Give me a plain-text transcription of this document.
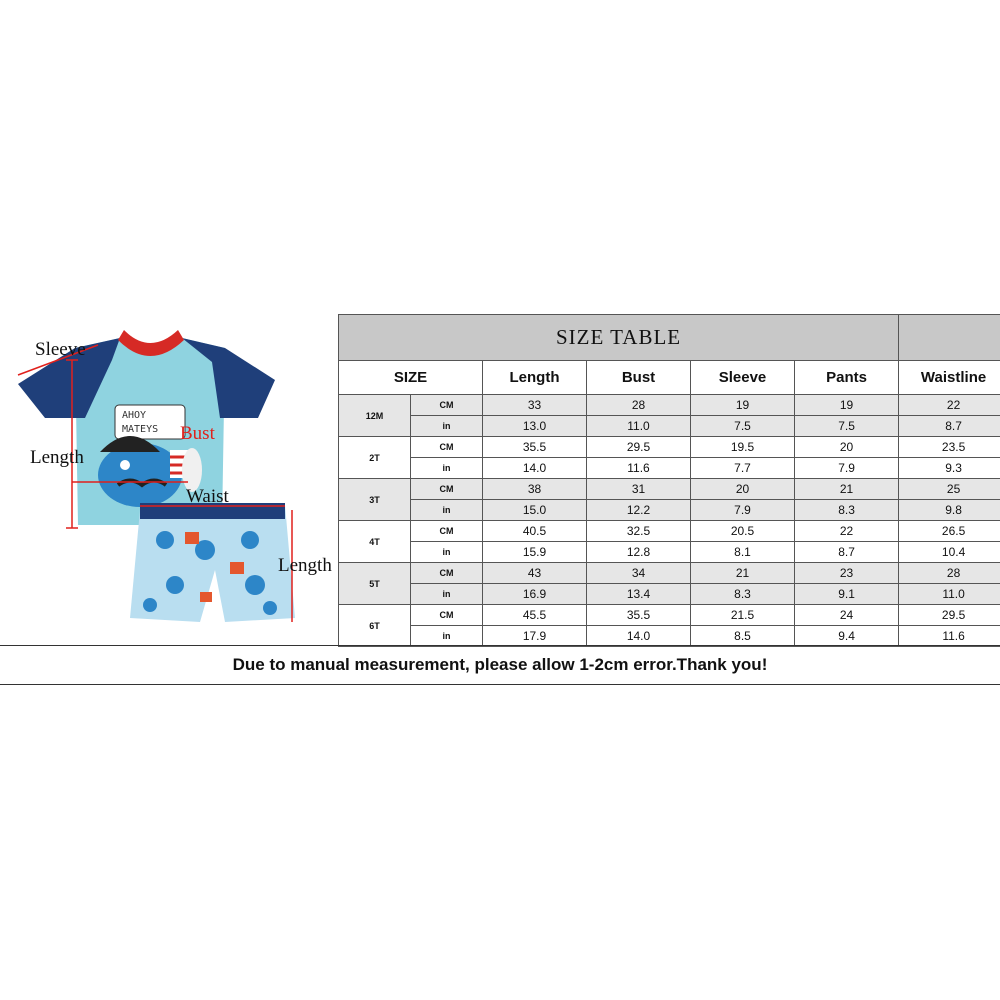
AHOY
MATEYS
Sleeve
Length
Bust
Waist
Length
SIZE TABLE						
SIZE		Length	Bust	Sleeve	Pants	Waistline
12M	CM	33	28	19	19	22
	in	13.0	11.0	7.5	7.5	8.7
2T	CM	35.5	29.5	19.5	20	23.5
	in	14.0	11.6	7.7	7.9	9.3
3T	CM	38	31	20	21	25
	in	15.0	12.2	7.9	8.3	9.8
4T	CM	40.5	32.5	20.5	22	26.5
	in	15.9	12.8	8.1	8.7	10.4
5T	CM	43	34	21	23	28
	in	16.9	13.4	8.3	9.1	11.0
6T	CM	45.5	35.5	21.5	24	29.5
	in	17.9	14.0	8.5	9.4	11.6
Due to manual measurement, please allow 1-2cm error.Thank you!
